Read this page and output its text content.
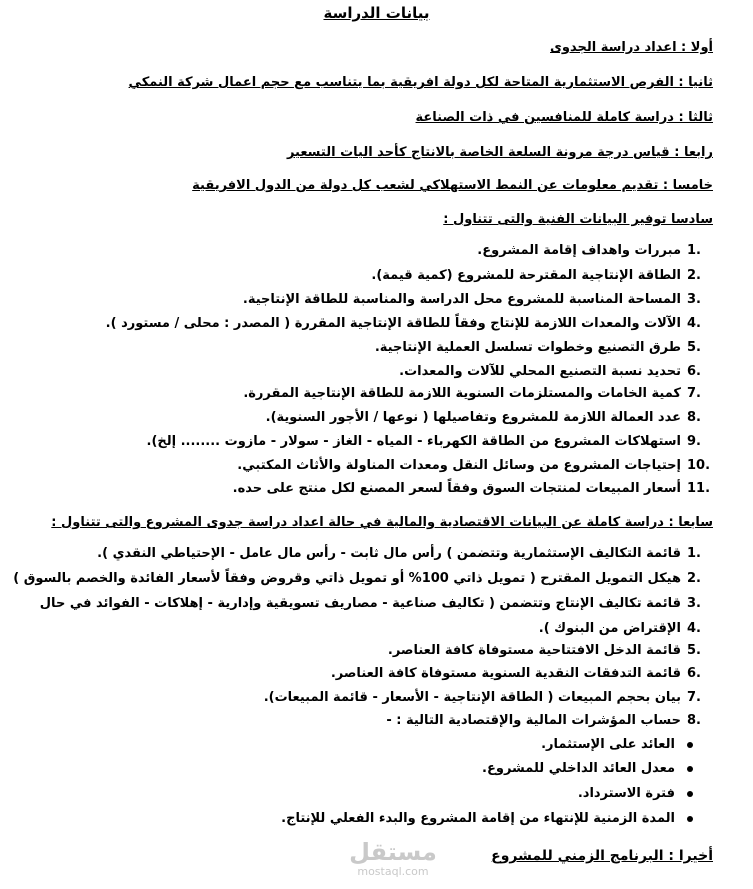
بيانات الدراسة
أولا : اعداد دراسة الجدوى
ثانيا : الفرص الاستثمارية المتاحة لكل دولة افريقية بما يتناسب مع حجم اعمال شركة النمكي
ثالثا : دراسة كاملة للمنافسين في ذات الصناعة
رابعا : قياس درجة مرونة السلعة الخاصة بالانتاج كأحد اليات التسعير
خامسا : تقديم معلومات عن النمط الاستهلاكي لشعب كل دولة من الدول الافريقية
سادسا توفير البيانات الفنية والتى تتناول :
1.مبررات واهداف إقامة المشروع.
2.الطاقة الإنتاجية المقترحة للمشروع (كمية قيمة).
3.المساحة المناسبة للمشروع محل الدراسة والمناسبة للطاقة الإنتاجية.
4.الآلات والمعدات اللازمة للإنتاج وفقاً للطاقة الإنتاجية المقررة ( المصدر : محلى / مستورد ).
5.طرق التصنيع وخطوات تسلسل العملية الإنتاجية.
6.تحديد نسبة التصنيع المحلي للآلات والمعدات.
7.كمية الخامات والمستلزمات السنوية اللازمة للطاقة الإنتاجية المقررة.
8.عدد العمالة اللازمة للمشروع وتفاصيلها ( نوعها / الأجور السنوية).
9.استهلاكات المشروع من الطاقة الكهرباء - المياه - الغاز - سولار - مازوت ........ إلخ).
10.إحتياجات المشروع من وسائل النقل ومعدات المناولة والأثاث المكتبي.
11.أسعار المبيعات لمنتجات السوق وفقاً لسعر المصنع لكل منتج على حده.
سابعا : دراسة كاملة عن البيانات الاقتصادية والمالية في حالة اعداد دراسة جدوى المشروع والتى تتناول :
1.قائمة التكاليف الإستثمارية وتتضمن ) رأس مال ثابت - رأس مال عامل - الإحتياطي النقدي ).
2.هيكل التمويل المقترح ( تمويل ذاتي 100% أو تمويل ذاتي وقروض وفقاً لأسعار الفائدة والخصم بالسوق )
3.قائمة تكاليف الإنتاج وتتضمن ( تكاليف صناعية - مصاريف تسويقية وإدارية - إهلاكات - الفوائد في حال
4.الإقتراض من البنوك ).
5.قائمة الدخل الافتتاحية مستوفاة كافة العناصر.
6.قائمة التدفقات النقدية السنوية مستوفاة كافة العناصر.
7.بيان بحجم المبيعات ( الطاقة الإنتاجية - الأسعار - قائمة المبيعات).
8.حساب المؤشرات المالية والإقتصادية التالية : -
العائد على الإستثمار.
معدل العائد الداخلي للمشروع.
فترة الاسترداد.
المدة الزمنية للإنتهاء من إقامة المشروع والبدء الفعلي للإنتاج.
أخيرا : البرنامج الزمني للمشروع
مستقل
mostaql.com
